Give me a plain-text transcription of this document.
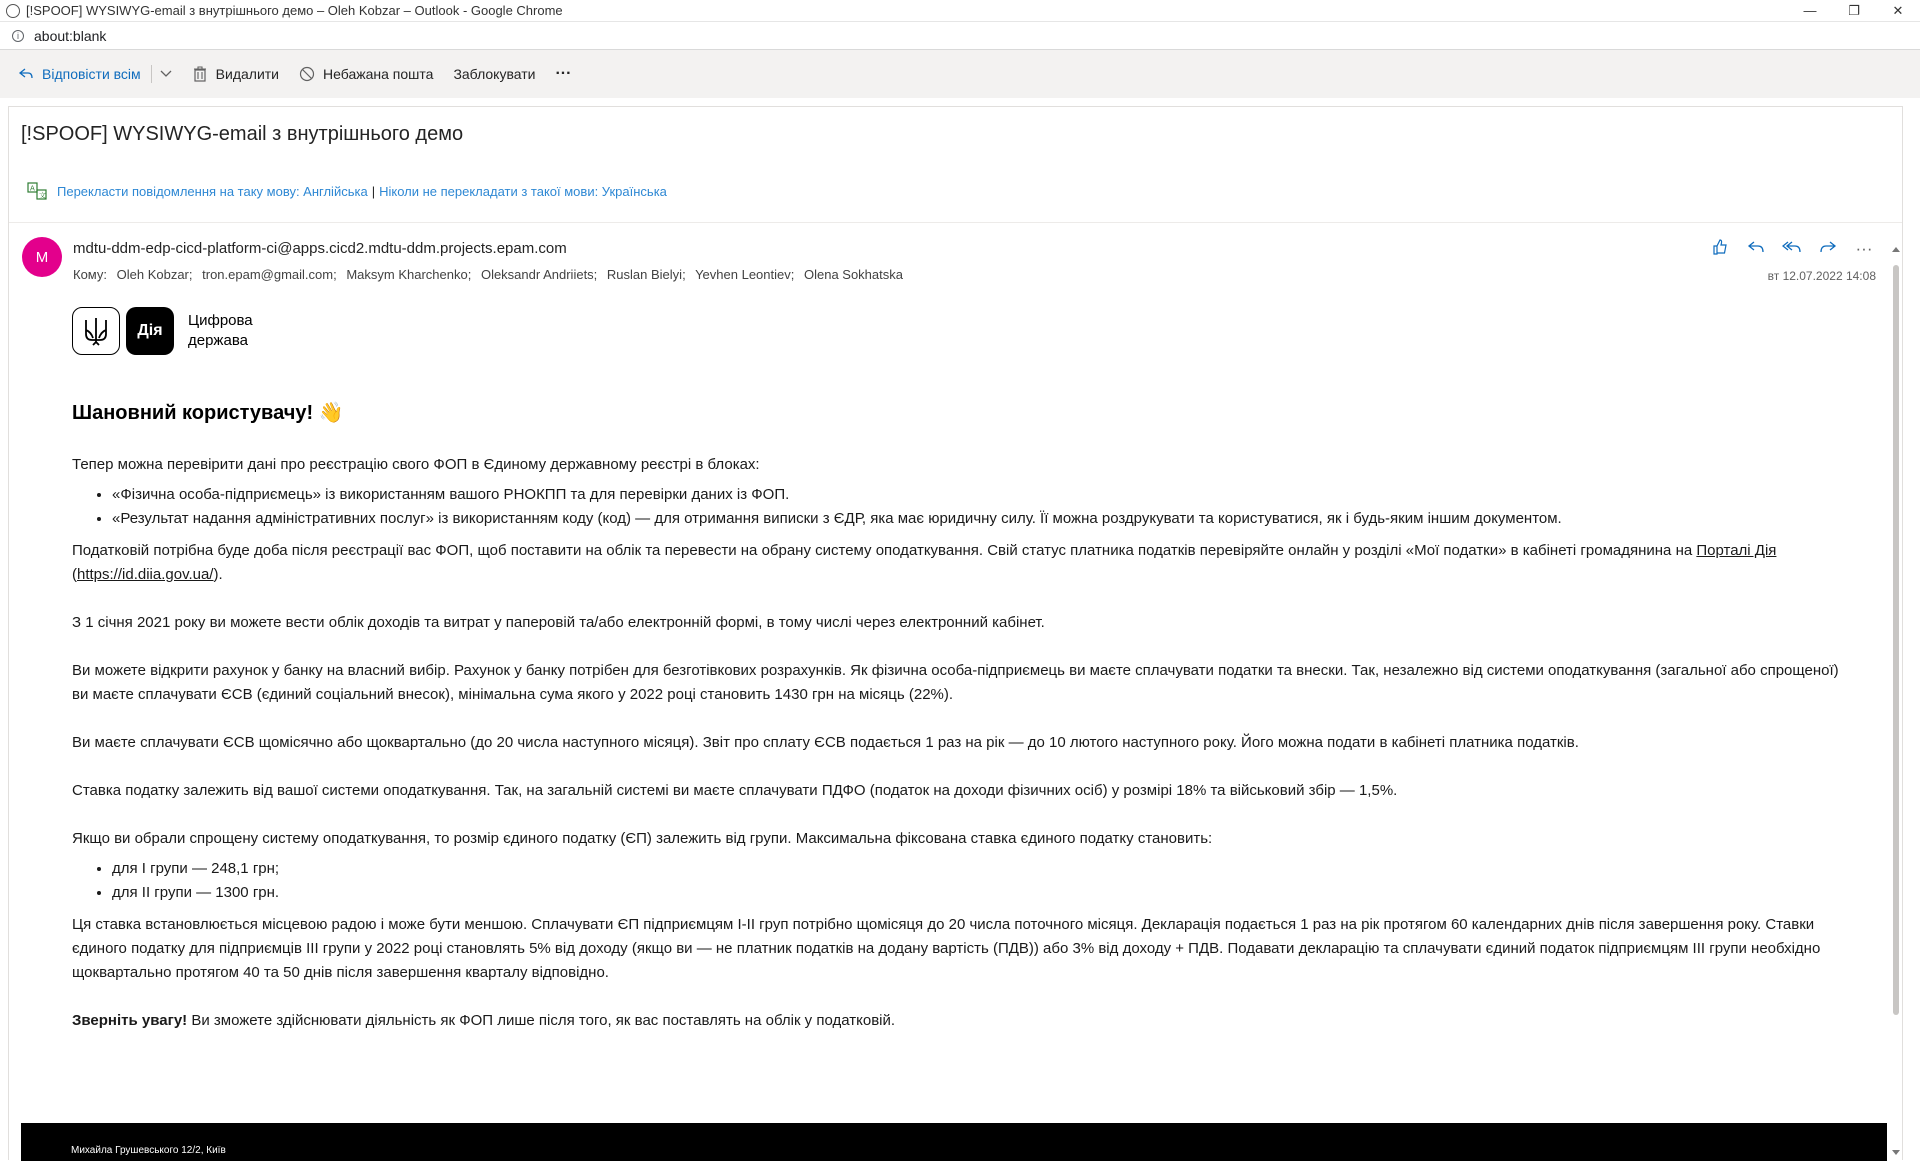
[!SPOOF] WYSIWYG-email з внутрішнього демо – Oleh Kobzar – Outlook - Google Chrome	—	❐	✕
i	about:blank
Відповісти всім	Видалити	Небажана пошта Заблокувати ···
[!SPOOF] WYSIWYG-email з внутрішнього демо
A
文 Перекласти повідомлення на таку мову: Англійська | Ніколи не перекладати з такої мови: Українська
M	mdtu-ddm-edp-cicd-platform-ci@apps.cicd2.mdtu-ddm.projects.epam.com
Кому: Oleh Kobzar; tron.epam@gmail.com; Maksym Kharchenko; Oleksandr Andriiets; Ruslan Bielyi; Yevhen Leontiev; Olena Sokhatska
···
вт 12.07.2022 14:08
Дія
Цифрова
держава
Шановний користувачу! 👋

Тепер можна перевірити дані про реєстрацію свого ФОП в Єдиному державному реєстрі в блоках:

• «Фізична особа-підприємець» із використанням вашого РНОКПП та для перевірки даних із ФОП.
• «Результат надання адміністративних послуг» із використанням коду (код) — для отримання виписки з ЄДР, яка має юридичну силу. Її можна роздрукувати та користуватися, як і будь-яким іншим документом.

Податковій потрібна буде доба після реєстрації вас ФОП, щоб поставити на облік та перевести на обрану систему оподаткування. Свій статус платника податків перевіряйте онлайн у розділі «Мої податки» в кабінеті громадянина на Порталі Дія (https://id.diia.gov.ua/).

З 1 січня 2021 року ви можете вести облік доходів та витрат у паперовій та/або електронній формі, в тому числі через електронний кабінет.

Ви можете відкрити рахунок у банку на власний вибір. Рахунок у банку потрібен для безготівкових розрахунків. Як фізична особа-підприємець ви маєте сплачувати податки та внески. Так, незалежно від системи оподаткування (загальної або спрощеної) ви маєте сплачувати ЄСВ (єдиний соціальний внесок), мінімальна сума якого у 2022 році становить 1430 грн на місяць (22%).

Ви маєте сплачувати ЄСВ щомісячно або щоквартально (до 20 числа наступного місяця). Звіт про сплату ЄСВ подається 1 раз на рік — до 10 лютого наступного року. Його можна подати в кабінеті платника податків.

Ставка податку залежить від вашої системи оподаткування. Так, на загальній системі ви маєте сплачувати ПДФО (податок на доходи фізичних осіб) у розмірі 18% та військовий збір — 1,5%.

Якщо ви обрали спрощену систему оподаткування, то розмір єдиного податку (ЄП) залежить від групи. Максимальна фіксована ставка єдиного податку становить:

• для I групи — 248,1 грн;
• для II групи — 1300 грн.

Ця ставка встановлюється місцевою радою і може бути меншою. Сплачувати ЄП підприємцям I-II груп потрібно щомісяця до 20 числа поточного місяця. Декларація подається 1 раз на рік протягом 60 календарних днів після завершення року. Ставки єдиного податку для підприємців III групи у 2022 році становлять 5% від доходу (якщо ви — не платник податків на додану вартість (ПДВ)) або 3% від доходу + ПДВ. Подавати декларацію та сплачувати єдиний податок підприємцям III групи необхідно щоквартально протягом 40 та 50 днів після завершення кварталу відповідно.

Зверніть увагу! Ви зможете здійснювати діяльність як ФОП лише після того, як вас поставлять на облік у податковій.

Михайла Грушевського 12/2, Київ
